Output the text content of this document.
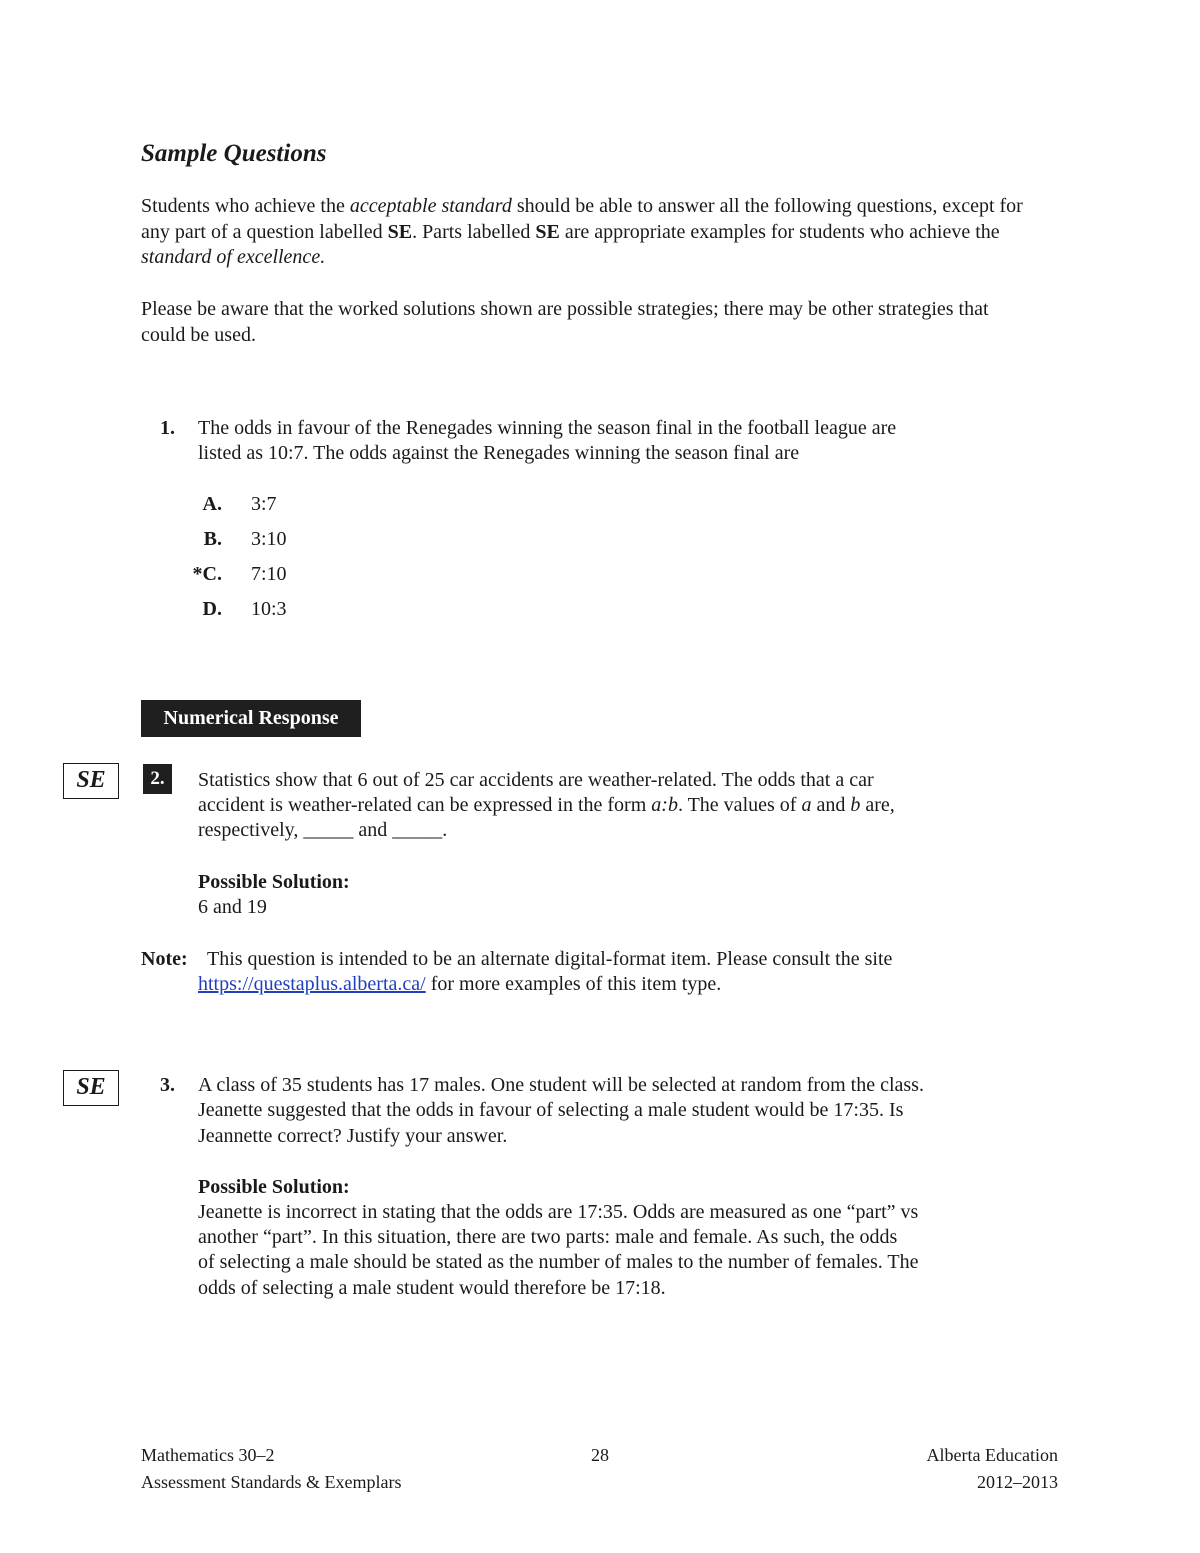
Sample Questions
Students who achieve the acceptable standard should be able to answer all the following questions, except for any part of a question labelled SE. Parts labelled SE are appropriate examples for students who achieve the standard of excellence.
Please be aware that the worked solutions shown are possible strategies; there may be other strategies that could be used.
1. The odds in favour of the Renegades winning the season final in the football league are
listed as 10:7. The odds against the Renegades winning the season final are
A. 3:7
B. 3:10
*C. 7:10
D. 10:3
Numerical Response
SE	2.	Statistics show that 6 out of 25 car accidents are weather-related. The odds that a car
accident is weather-related can be expressed in the form a:b. The values of a and b are,
respectively, _____ and _____.
Possible Solution:
6 and 19
Note: This question is intended to be an alternate digital-format item. Please consult the site
https://questaplus.alberta.ca/ for more examples of this item type.
SE	3. A class of 35 students has 17 males. One student will be selected at random from the class.
Jeanette suggested that the odds in favour of selecting a male student would be 17:35. Is
Jeannette correct? Justify your answer.
Possible Solution:
Jeanette is incorrect in stating that the odds are 17:35. Odds are measured as one “part” vs
another “part”. In this situation, there are two parts: male and female. As such, the odds
of selecting a male should be stated as the number of males to the number of females. The
odds of selecting a male student would therefore be 17:18.
Mathematics 30–2
Assessment Standards & Exemplars
28	Alberta Education
2012–2013
